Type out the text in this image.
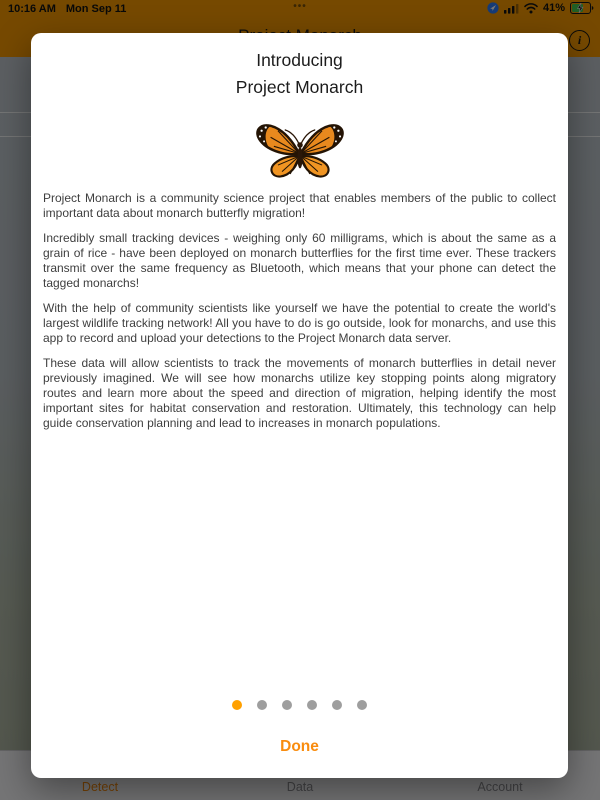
Introducing
Project Monarch

Project Monarch is a community science project that enables members of the public to collect important data about monarch butterfly migration!

Incredibly small tracking devices - weighing only 60 milligrams, which is about the same as a grain of rice - have been deployed on monarch butterflies for the first time ever. These trackers transmit over the same frequency as Bluetooth, which means that your phone can detect the tagged monarchs!

With the help of community scientists like yourself we have the potential to create the world's largest wildlife tracking network! All you have to do is go outside, look for monarchs, and use this app to record and upload your detections to the Project Monarch data server.

These data will allow scientists to track the movements of monarch butterflies in detail never previously imagined. We will see how monarchs utilize key stopping points along migratory routes and learn more about the speed and direction of migration, helping identify the most important sites for habitat conservation and restoration. Ultimately, this technology can help guide conservation planning and lead to increases in monarch populations.

Done
